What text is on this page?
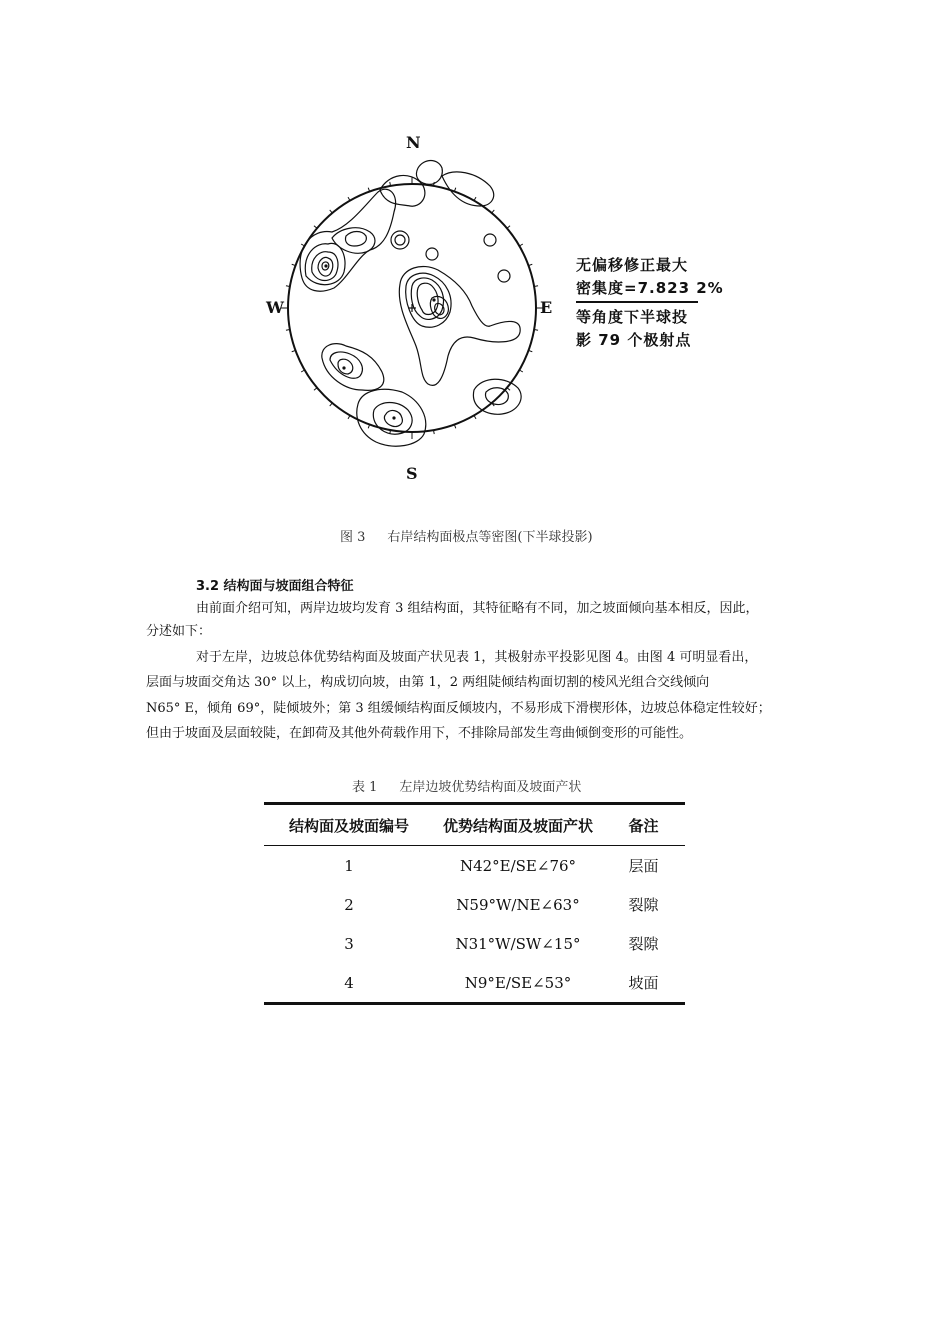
N
E
S
W
无偏移修正最大
密集度=7.823 2%
等角度下半球投
影 79 个极射点
图 3 右岸结构面极点等密图(下半球投影)
3.2 结构面与坡面组合特征
由前面介绍可知，两岸边坡均发育 3 组结构面，其特征略有不同，加之坡面倾向基本相反，因此，
分述如下：
对于左岸，边坡总体优势结构面及坡面产状见表 1，其极射赤平投影见图 4。由图 4 可明显看出，
层面与坡面交角达 30° 以上，构成切向坡，由第 1，2 两组陡倾结构面切割的棱风光组合交线倾向
N65° E，倾角 69°，陡倾坡外；第 3 组缓倾结构面反倾坡内，不易形成下滑楔形体，边坡总体稳定性较好；
但由于坡面及层面较陡，在卸荷及其他外荷载作用下，不排除局部发生弯曲倾倒变形的可能性。
表 1 左岸边坡优势结构面及坡面产状
结构面及坡面编号	优势结构面及坡面产状	备注
1	N42°E/SE∠76°	层面
2	N59°W/NE∠63°	裂隙
3	N31°W/SW∠15°	裂隙
4	N9°E/SE∠53°	坡面
